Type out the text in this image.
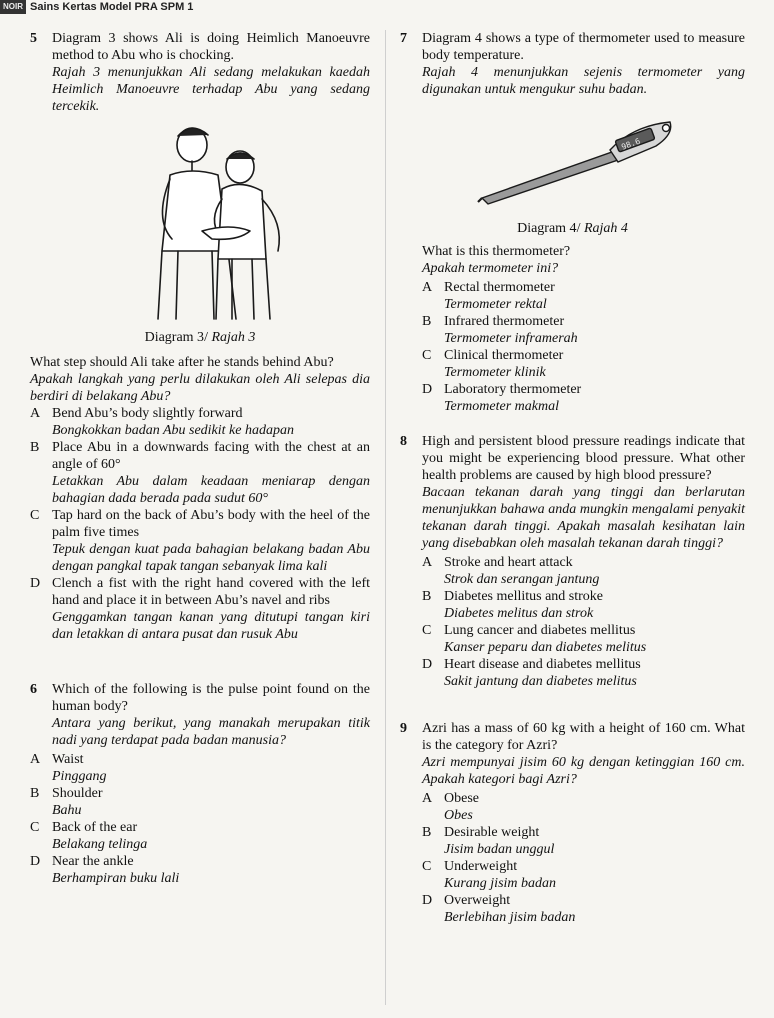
NOIR Sains Kertas Model PRA SPM 1
5 Diagram 3 shows Ali is doing Heimlich Manoeuvre method to Abu who is chocking.

Rajah 3 menunjukkan Ali sedang melakukan kaedah Heimlich Manoeuvre terhadap Abu yang sedang tercekik.

Diagram 3/ Rajah 3

What step should Ali take after he stands behind Abu?

Apakah langkah yang perlu dilakukan oleh Ali selepas dia berdiri di belakang Abu?

A Bend Abu’s body slightly forward
Bongkokkan badan Abu sedikit ke hadapan
B Place Abu in a downwards facing with the chest at an angle of 60°
Letakkan Abu dalam keadaan meniarap dengan bahagian dada berada pada sudut 60°
C Tap hard on the back of Abu’s body with the heel of the palm five times
Tepuk dengan kuat pada bahagian belakang badan Abu dengan pangkal tapak tangan sebanyak lima kali
D Clench a fist with the right hand covered with the left hand and place it in between Abu’s navel and ribs
Genggamkan tangan kanan yang ditutupi tangan kiri dan letakkan di antara pusat dan rusuk Abu
6 Which of the following is the pulse point found on the human body?

Antara yang berikut, yang manakah merupakan titik nadi yang terdapat pada badan manusia?

A Waist
Pinggang
B Shoulder
Bahu
C Back of the ear
Belakang telinga
D Near the ankle
Berhampiran buku lali
7 Diagram 4 shows a type of thermometer used to measure body temperature.

Rajah 4 menunjukkan sejenis termometer yang digunakan untuk mengukur suhu badan.

98.6
Diagram 4/ Rajah 4

What is this thermometer?

Apakah termometer ini?

A Rectal thermometer
Termometer rektal
B Infrared thermometer
Termometer inframerah
C Clinical thermometer
Termometer klinik
D Laboratory thermometer
Termometer makmal
8 High and persistent blood pressure readings indicate that you might be experiencing blood pressure. What other health problems are caused by high blood pressure?

Bacaan tekanan darah yang tinggi dan berlarutan menunjukkan bahawa anda mungkin mengalami penyakit tekanan darah tinggi. Apakah masalah kesihatan lain yang disebabkan oleh masalah tekanan darah tinggi?

A Stroke and heart attack
Strok dan serangan jantung
B Diabetes mellitus and stroke
Diabetes melitus dan strok
C Lung cancer and diabetes mellitus
Kanser peparu dan diabetes melitus
D Heart disease and diabetes mellitus
Sakit jantung dan diabetes melitus
9 Azri has a mass of 60 kg with a height of 160 cm. What is the category for Azri?

Azri mempunyai jisim 60 kg dengan ketinggian 160 cm. Apakah kategori bagi Azri?

A Obese
Obes
B Desirable weight
Jisim badan unggul
C Underweight
Kurang jisim badan
D Overweight
Berlebihan jisim badan
